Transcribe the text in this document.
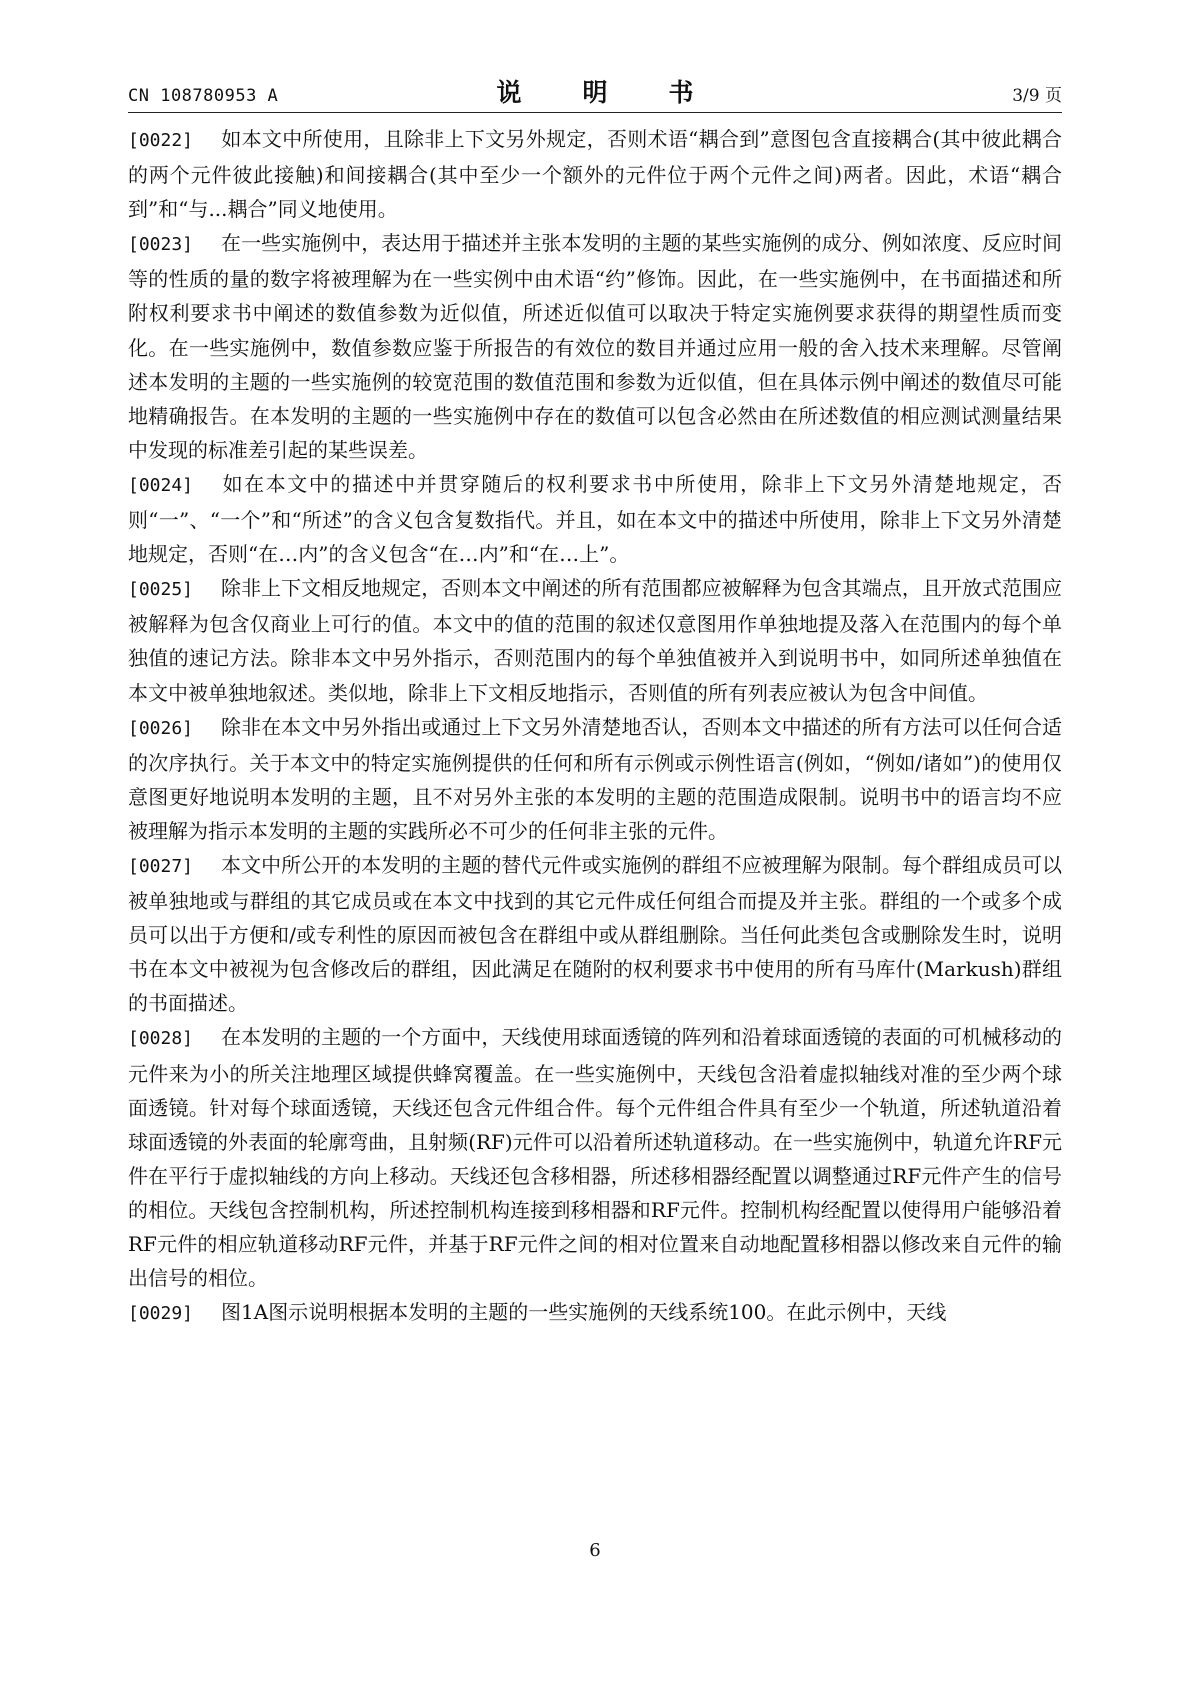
CN 108780953 A	说　明　书	3/9 页

[0022] 如本文中所使用，且除非上下文另外规定，否则术语“耦合到”意图包含直接耦合(其中彼此耦合的两个元件彼此接触)和间接耦合(其中至少一个额外的元件位于两个元件之间)两者。因此，术语“耦合到”和“与...耦合”同义地使用。

[0023] 在一些实施例中，表达用于描述并主张本发明的主题的某些实施例的成分、例如浓度、反应时间等的性质的量的数字将被理解为在一些实例中由术语“约”修饰。因此，在一些实施例中，在书面描述和所附权利要求书中阐述的数值参数为近似值，所述近似值可以取决于特定实施例要求获得的期望性质而变化。在一些实施例中，数值参数应鉴于所报告的有效位的数目并通过应用一般的舍入技术来理解。尽管阐述本发明的主题的一些实施例的较宽范围的数值范围和参数为近似值，但在具体示例中阐述的数值尽可能地精确报告。在本发明的主题的一些实施例中存在的数值可以包含必然由在所述数值的相应测试测量结果中发现的标准差引起的某些误差。

[0024] 如在本文中的描述中并贯穿随后的权利要求书中所使用，除非上下文另外清楚地规定，否则“一”、“一个”和“所述”的含义包含复数指代。并且，如在本文中的描述中所使用，除非上下文另外清楚地规定，否则“在…内”的含义包含“在…内”和“在…上”。

[0025] 除非上下文相反地规定，否则本文中阐述的所有范围都应被解释为包含其端点，且开放式范围应被解释为包含仅商业上可行的值。本文中的值的范围的叙述仅意图用作单独地提及落入在范围内的每个单独值的速记方法。除非本文中另外指示，否则范围内的每个单独值被并入到说明书中，如同所述单独值在本文中被单独地叙述。类似地，除非上下文相反地指示，否则值的所有列表应被认为包含中间值。

[0026] 除非在本文中另外指出或通过上下文另外清楚地否认，否则本文中描述的所有方法可以任何合适的次序执行。关于本文中的特定实施例提供的任何和所有示例或示例性语言(例如，“例如/诸如”)的使用仅意图更好地说明本发明的主题，且不对另外主张的本发明的主题的范围造成限制。说明书中的语言均不应被理解为指示本发明的主题的实践所必不可少的任何非主张的元件。

[0027] 本文中所公开的本发明的主题的替代元件或实施例的群组不应被理解为限制。每个群组成员可以被单独地或与群组的其它成员或在本文中找到的其它元件成任何组合而提及并主张。群组的一个或多个成员可以出于方便和/或专利性的原因而被包含在群组中或从群组删除。当任何此类包含或删除发生时，说明书在本文中被视为包含修改后的群组，因此满足在随附的权利要求书中使用的所有马库什(Markush)群组的书面描述。

[0028] 在本发明的主题的一个方面中，天线使用球面透镜的阵列和沿着球面透镜的表面的可机械移动的元件来为小的所关注地理区域提供蜂窝覆盖。在一些实施例中，天线包含沿着虚拟轴线对准的至少两个球面透镜。针对每个球面透镜，天线还包含元件组合件。每个元件组合件具有至少一个轨道，所述轨道沿着球面透镜的外表面的轮廓弯曲，且射频(RF)元件可以沿着所述轨道移动。在一些实施例中，轨道允许RF元件在平行于虚拟轴线的方向上移动。天线还包含移相器，所述移相器经配置以调整通过RF元件产生的信号的相位。天线包含控制机构，所述控制机构连接到移相器和RF元件。控制机构经配置以使得用户能够沿着RF元件的相应轨道移动RF元件，并基于RF元件之间的相对位置来自动地配置移相器以修改来自元件的输出信号的相位。

[0029] 图1A图示说明根据本发明的主题的一些实施例的天线系统100。在此示例中，天线

6
